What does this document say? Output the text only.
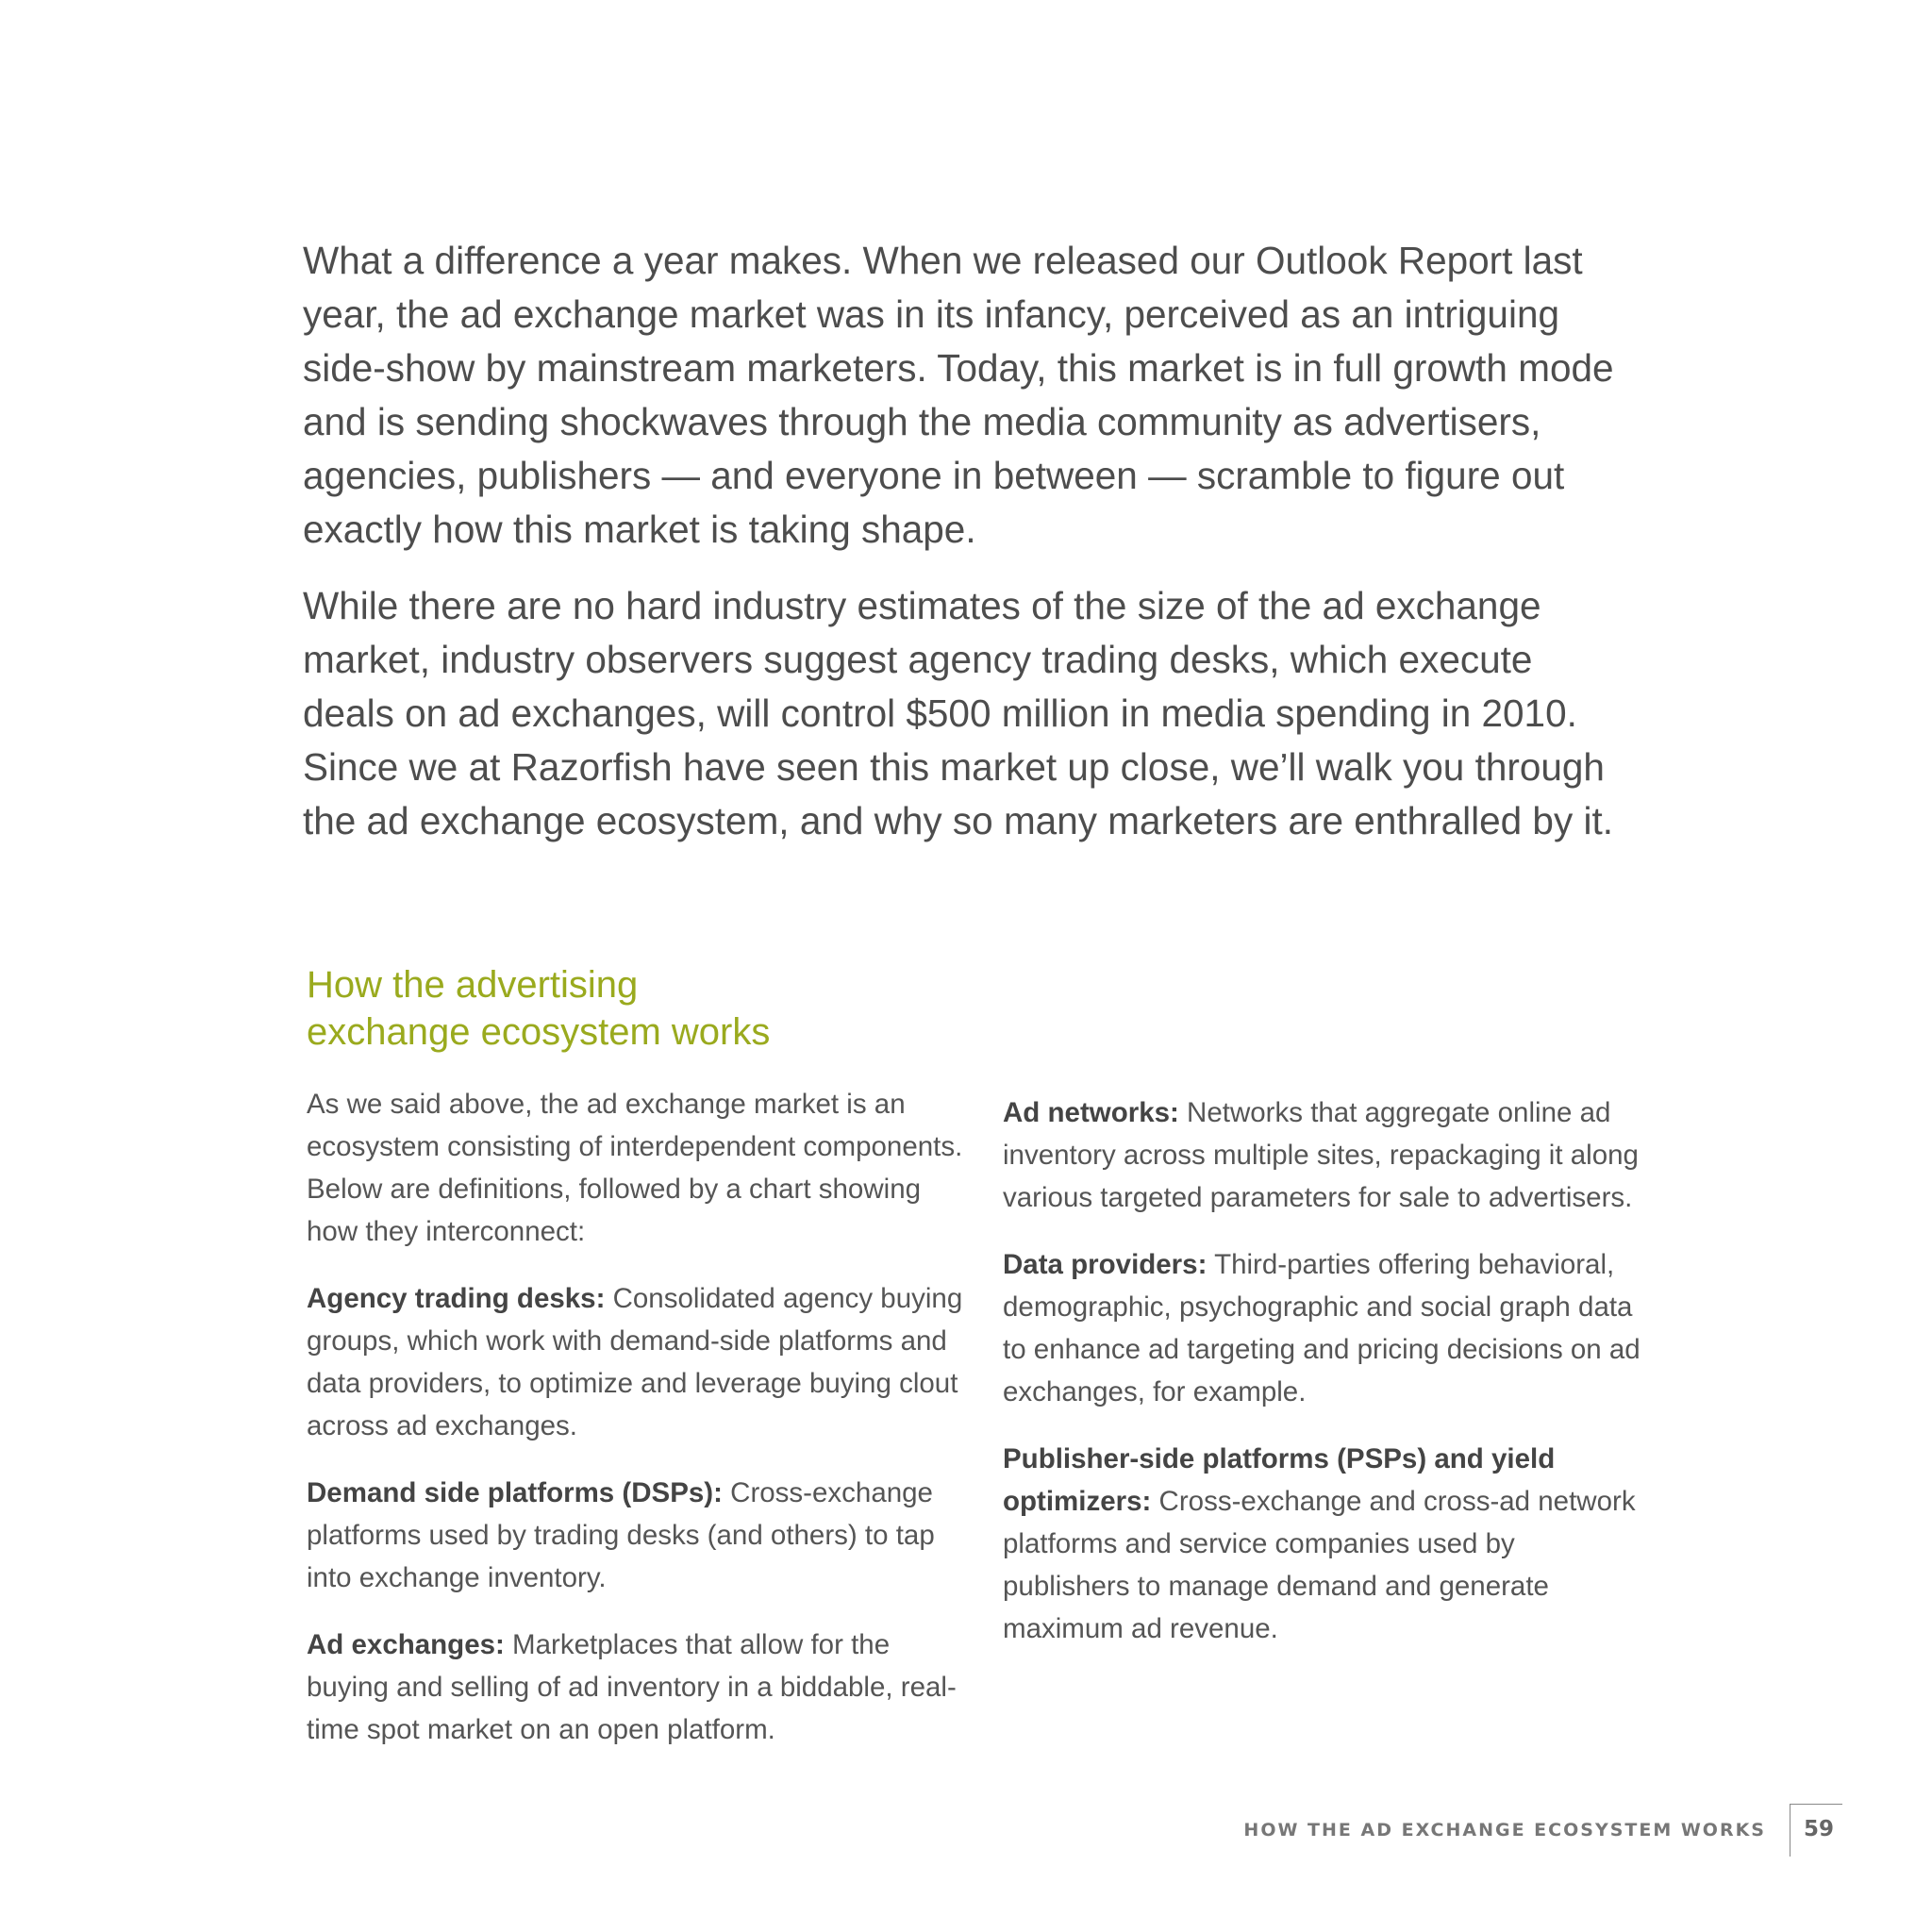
What a difference a year makes. When we released our Outlook Report last year, the ad exchange market was in its infancy, perceived as an intriguing side-show by mainstream marketers. Today, this market is in full growth mode and is sending shockwaves through the media community as advertisers, agencies, publishers — and everyone in between — scramble to figure out exactly how this market is taking shape.

While there are no hard industry estimates of the size of the ad exchange market, industry observers suggest agency trading desks, which execute deals on ad exchanges, will control $500 million in media spending in 2010. Since we at Razorfish have seen this market up close, we’ll walk you through the ad exchange ecosystem, and why so many marketers are enthralled by it.

How the advertising
exchange ecosystem works

As we said above, the ad exchange market is an ecosystem consisting of interdependent components. Below are definitions, followed by a chart showing how they interconnect:

Agency trading desks: Consolidated agency buying groups, which work with demand-side platforms and data providers, to optimize and leverage buying clout across ad exchanges.

Demand side platforms (DSPs): Cross-exchange platforms used by trading desks (and others) to tap into exchange inventory.

Ad exchanges: Marketplaces that allow for the buying and selling of ad inventory in a biddable, real-time spot market on an open platform.

Ad networks: Networks that aggregate online ad inventory across multiple sites, repackaging it along various targeted parameters for sale to advertisers.

Data providers: Third-parties offering behavioral, demographic, psychographic and social graph data to enhance ad targeting and pricing decisions on ad exchanges, for example.

Publisher-side platforms (PSPs) and yield optimizers: Cross-exchange and cross-ad network platforms and service companies used by publishers to manage demand and generate maximum ad revenue.

HOW THE AD EXCHANGE ECOSYSTEM WORKS 59
